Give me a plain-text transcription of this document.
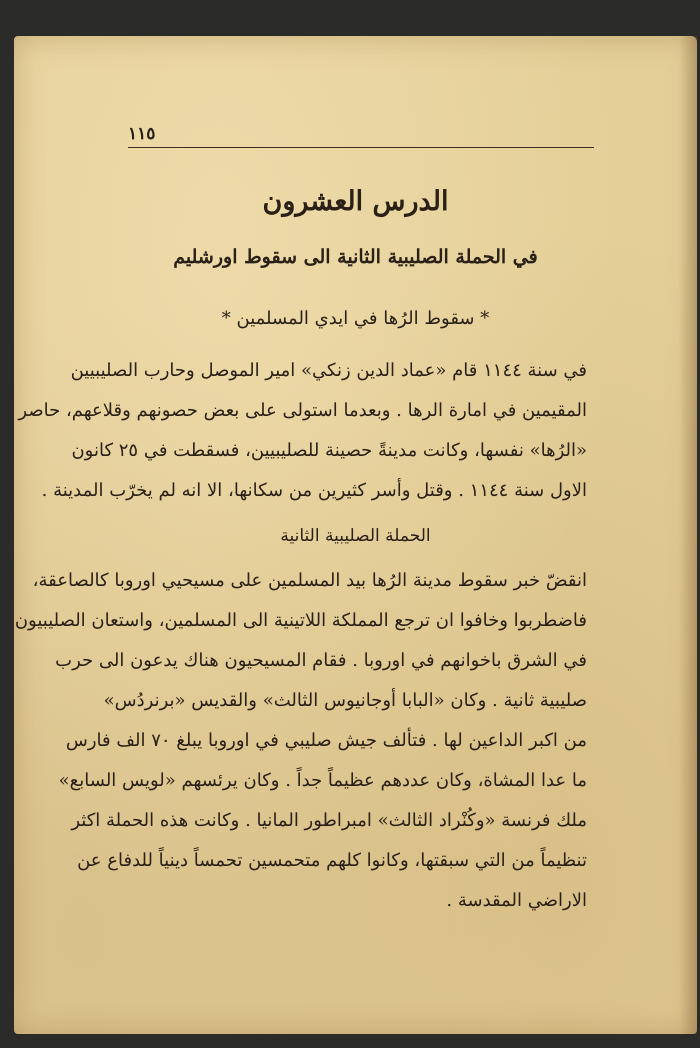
١١٥
الدرس العشرون
في الحملة الصليبية الثانية الى سقوط اورشليم
* سقوط الرُها في ايدي المسلمين *
في سنة ١١٤٤ قام «عماد الدين زنكي» امير الموصل وحارب الصليبيين
المقيمين في امارة الرها . وبعدما استولى على بعض حصونهم وقلاعهم، حاصر
«الرُها» نفسها، وكانت مدينةً حصينة للصليبيين، فسقطت في ٢٥ كانون
الاول سنة ١١٤٤ . وقتل وأسر كثيرين من سكانها، الا انه لم يخرّب المدينة .
الحملة الصليبية الثانية
انقضّ خبر سقوط مدينة الرُها بيد المسلمين على مسيحيي اوروبا كالصاعقة،
فاضطربوا وخافوا ان ترجع المملكة اللاتينية الى المسلمين، واستعان الصليبيون
في الشرق باخوانهم في اوروبا . فقام المسيحيون هناك يدعون الى حرب
صليبية ثانية . وكان «البابا أوجانيوس الثالث» والقديس «برنردُس»
من اكبر الداعين لها . فتألف جيش صليبي في اوروبا يبلغ ٧٠ الف فارس
ما عدا المشاة، وكان عددهم عظيماً جداً . وكان يرئسهم «لويس السابع»
ملك فرنسة «وكُنْراد الثالث» امبراطور المانيا . وكانت هذه الحملة اكثر
تنظيماً من التي سبقتها، وكانوا كلهم متحمسين تحمساً دينياً للدفاع عن
الاراضي المقدسة .
